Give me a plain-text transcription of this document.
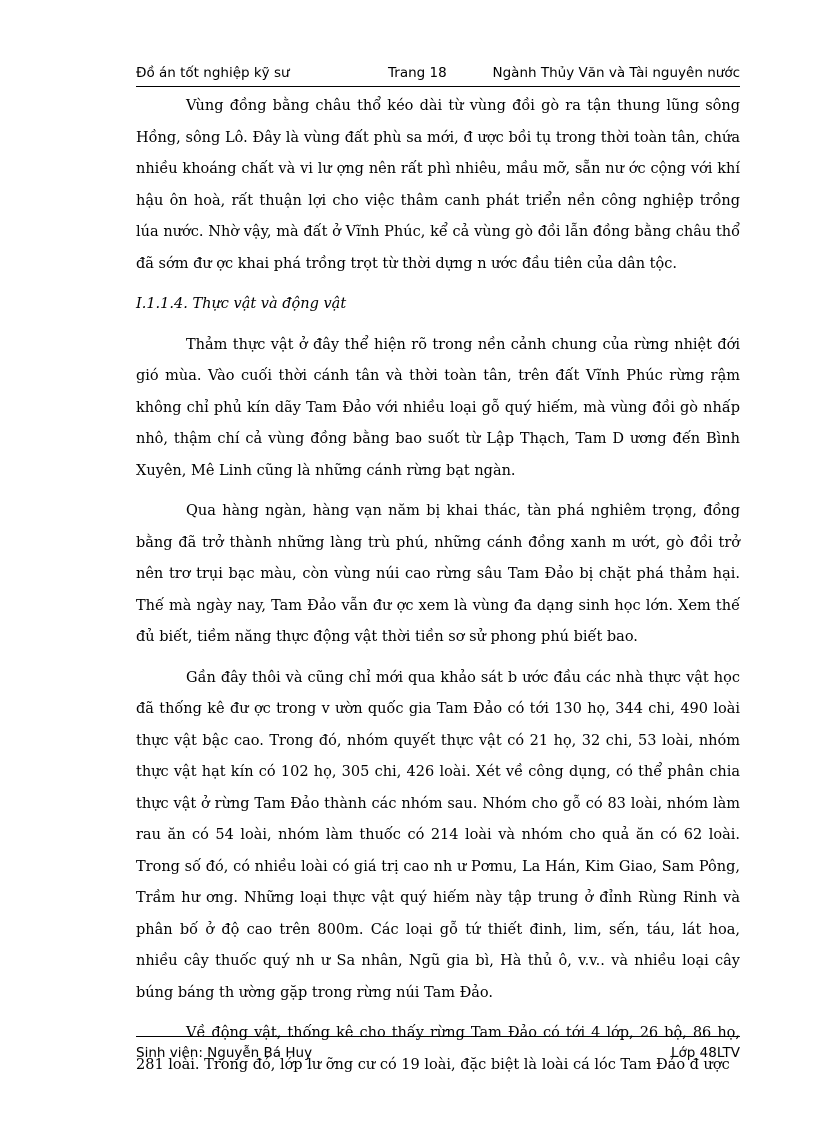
Đồ án tốt nghiệp kỹ sư	Trang 18	Ngành Thủy Văn và Tài nguyên nước

Vùng đồng bằng châu thổ kéo dài từ vùng đồi gò ra tận thung lũng sông Hồng, sông Lô. Đây là vùng đất phù sa mới, đ ược bồi tụ trong thời toàn tân, chứa nhiều khoáng chất và vi lư ợng nên rất phì nhiêu, mầu mỡ, sẵn nư ớc cộng với khí hậu ôn hoà, rất thuận lợi cho việc thâm canh phát triển nền công nghiệp trồng lúa nước. Nhờ vậy, mà đất ở Vĩnh Phúc, kể cả vùng gò đồi lẫn đồng bằng châu thổ đã sớm đư ợc khai phá trồng trọt từ thời dựng n ước đầu tiên của dân tộc.

I.1.1.4. Thực vật và động vật

Thảm thực vật ở đây thể hiện rõ trong nền cảnh chung của rừng nhiệt đới gió mùa. Vào cuối thời cánh tân và thời toàn tân, trên đất Vĩnh Phúc rừng rậm không chỉ phủ kín dãy Tam Đảo với nhiều loại gỗ quý hiếm, mà vùng đồi gò nhấp nhô, thậm chí cả vùng đồng bằng bao suốt từ Lập Thạch, Tam D ương đến Bình Xuyên, Mê Linh cũng là những cánh rừng bạt ngàn.

Qua hàng ngàn, hàng vạn năm bị khai thác, tàn phá nghiêm trọng, đồng bằng đã trở thành những làng trù phú, những cánh đồng xanh m ướt, gò đồi trở nên trơ trụi bạc màu, còn vùng núi cao rừng sâu Tam Đảo bị chặt phá thảm hại. Thế mà ngày nay, Tam Đảo vẫn đư ợc xem là vùng đa dạng sinh học lớn. Xem thế đủ biết, tiềm năng thực động vật thời tiền sơ sử phong phú biết bao.

Gần đây thôi và cũng chỉ mới qua khảo sát b ước đầu các nhà thực vật học đã thống kê đư ợc trong v ườn quốc gia Tam Đảo có tới 130 họ, 344 chi, 490 loài thực vật bậc cao. Trong đó, nhóm quyết thực vật có 21 họ, 32 chi, 53 loài, nhóm thực vật hạt kín có 102 họ, 305 chi, 426 loài. Xét về công dụng, có thể phân chia thực vật ở rừng Tam Đảo thành các nhóm sau. Nhóm cho gỗ có 83 loài, nhóm làm rau ăn có 54 loài, nhóm làm thuốc có 214 loài và nhóm cho quả ăn có 62 loài. Trong số đó, có nhiều loài có giá trị cao nh ư Pơmu, La Hán, Kim Giao, Sam Pông, Trầm hư ơng. Những loại thực vật quý hiếm này tập trung ở đỉnh Rùng Rinh và phân bố ở độ cao trên 800m. Các loại gỗ tứ thiết đinh, lim, sến, táu, lát hoa, nhiều cây thuốc quý nh ư Sa nhân, Ngũ gia bì, Hà thủ ô, v.v.. và nhiều loại cây búng báng th ường gặp trong rừng núi Tam Đảo.

Về động vật, thống kê cho thấy rừng Tam Đảo có tới 4 lớp, 26 bộ, 86 họ, 281 loài. Trong đó, lớp lư ỡng cư có 19 loài, đặc biệt là loài cá lóc Tam Đảo đ ược

Sinh viên: Nguyễn Bá Huy	Lớp 48LTV
